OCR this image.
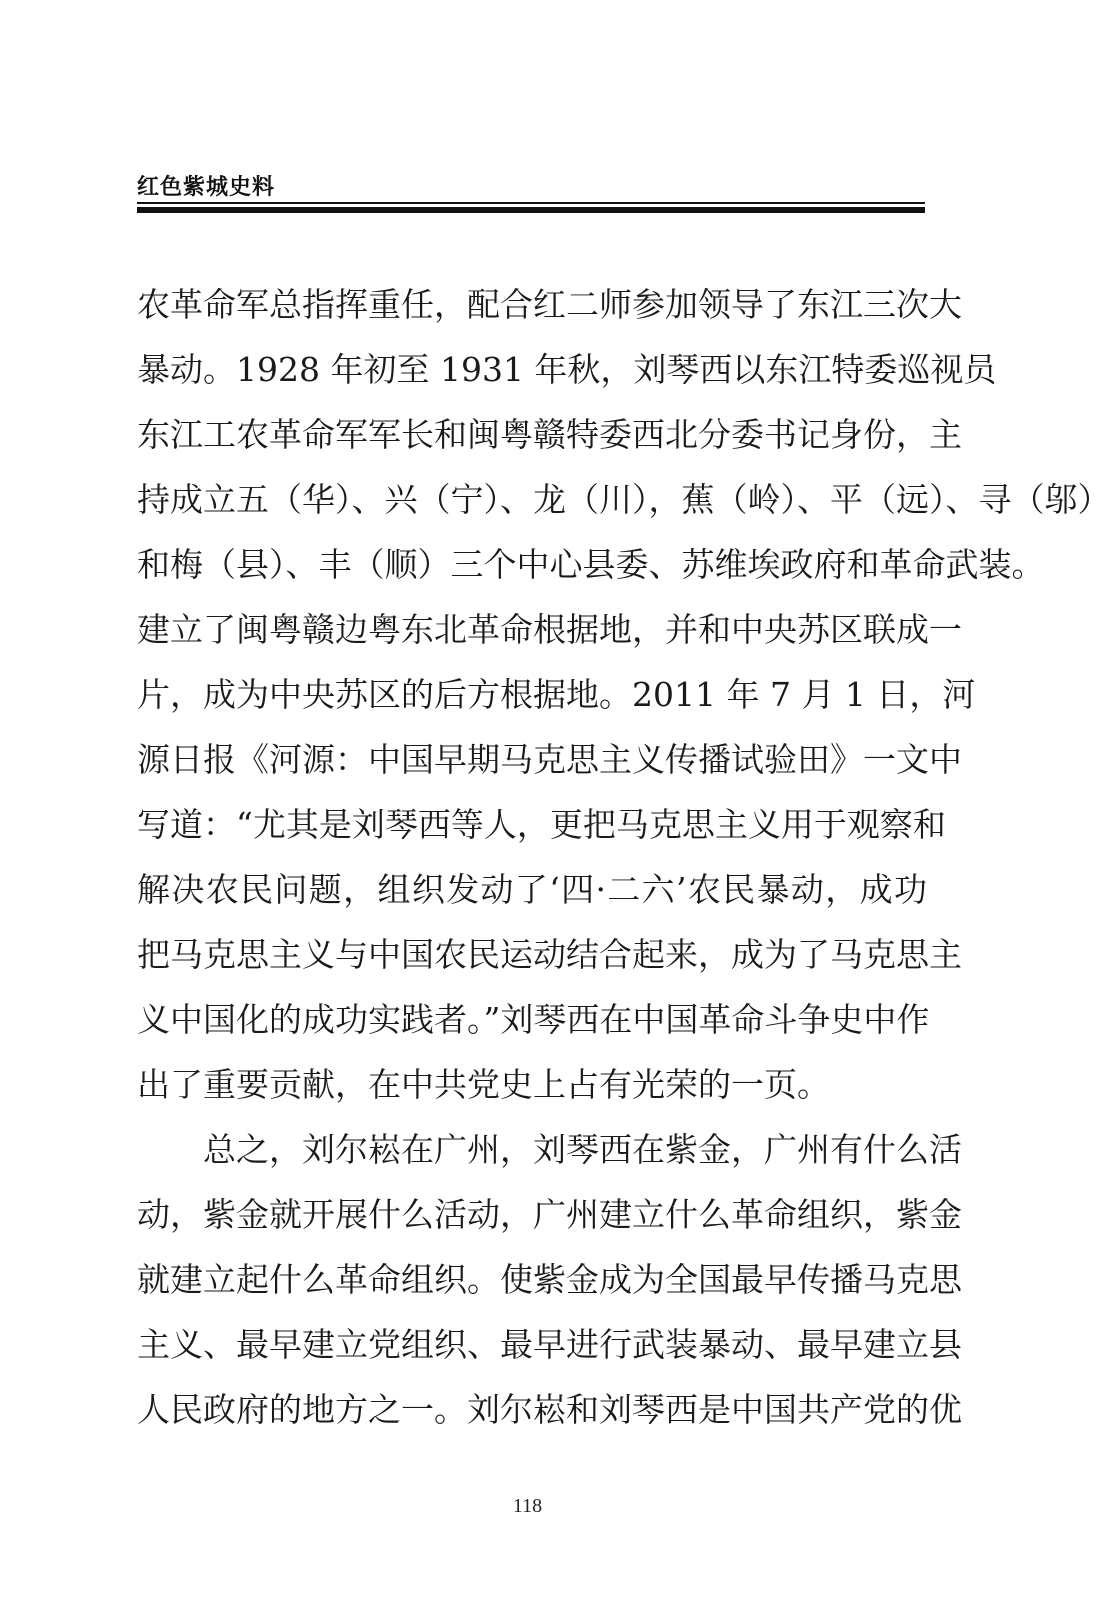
红色紫城史料
农革命军总指挥重任，配合红二师参加领导了东江三次大
暴动。1928 年初至 1931 年秋，刘琴西以东江特委巡视员
东江工农革命军军长和闽粤赣特委西北分委书记身份，主
持成立五（华）、兴（宁）、龙（川），蕉（岭）、平（远）、寻（邬）
和梅（县）、丰（顺）三个中心县委、苏维埃政府和革命武装。
建立了闽粤赣边粤东北革命根据地，并和中央苏区联成一
片，成为中央苏区的后方根据地。2011 年 7 月 1 日，河
源日报《河源：中国早期马克思主义传播试验田》一文中
写道：“尤其是刘琴西等人，更把马克思主义用于观察和
解决农民问题，组织发动了‘四·二六’农民暴动，成功
把马克思主义与中国农民运动结合起来，成为了马克思主
义中国化的成功实践者。”刘琴西在中国革命斗争史中作
出了重要贡献，在中共党史上占有光荣的一页。
总之，刘尔崧在广州，刘琴西在紫金，广州有什么活
动，紫金就开展什么活动，广州建立什么革命组织，紫金
就建立起什么革命组织。使紫金成为全国最早传播马克思
主义、最早建立党组织、最早进行武装暴动、最早建立县
人民政府的地方之一。刘尔崧和刘琴西是中国共产党的优
118
